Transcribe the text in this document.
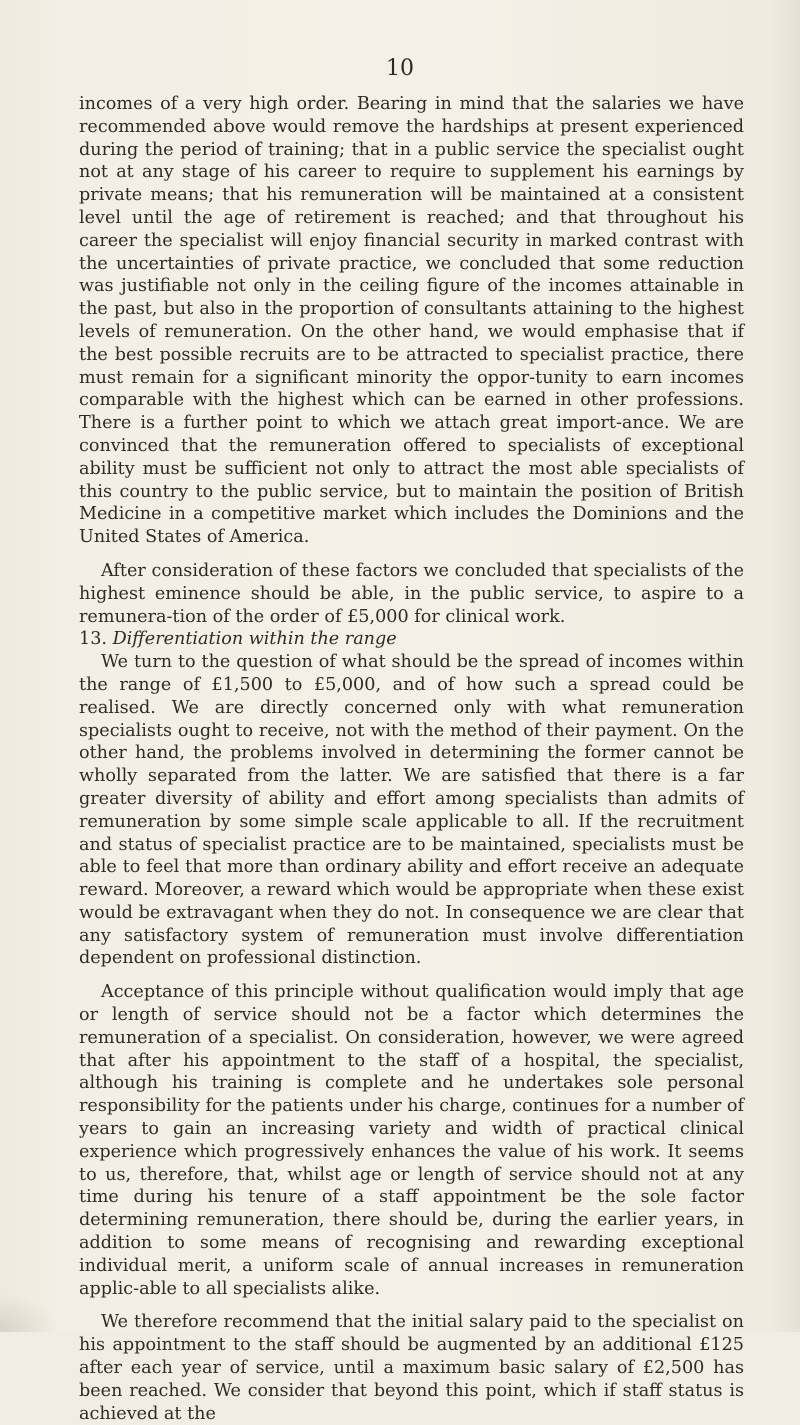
10

incomes of a very high order. Bearing in mind that the salaries we have recommended above would remove the hardships at present experienced during the period of training; that in a public service the specialist ought not at any stage of his career to require to supplement his earnings by private means; that his remuneration will be maintained at a consistent level until the age of retirement is reached; and that throughout his career the specialist will enjoy financial security in marked contrast with the uncertainties of private practice, we concluded that some reduction was justifiable not only in the ceiling figure of the incomes attainable in the past, but also in the proportion of consultants attaining to the highest levels of remuneration. On the other hand, we would emphasise that if the best possible recruits are to be attracted to specialist practice, there must remain for a significant minority the oppor-tunity to earn incomes comparable with the highest which can be earned in other professions. There is a further point to which we attach great import-ance. We are convinced that the remuneration offered to specialists of exceptional ability must be sufficient not only to attract the most able specialists of this country to the public service, but to maintain the position of British Medicine in a competitive market which includes the Dominions and the United States of America.

After consideration of these factors we concluded that specialists of the highest eminence should be able, in the public service, to aspire to a remunera-tion of the order of £5,000 for clinical work.

13. Differentiation within the range

We turn to the question of what should be the spread of incomes within the range of £1,500 to £5,000, and of how such a spread could be realised. We are directly concerned only with what remuneration specialists ought to receive, not with the method of their payment. On the other hand, the problems involved in determining the former cannot be wholly separated from the latter. We are satisfied that there is a far greater diversity of ability and effort among specialists than admits of remuneration by some simple scale applicable to all. If the recruitment and status of specialist practice are to be maintained, specialists must be able to feel that more than ordinary ability and effort receive an adequate reward. Moreover, a reward which would be appropriate when these exist would be extravagant when they do not. In consequence we are clear that any satisfactory system of remuneration must involve differentiation dependent on professional distinction.

Acceptance of this principle without qualification would imply that age or length of service should not be a factor which determines the remuneration of a specialist. On consideration, however, we were agreed that after his appointment to the staff of a hospital, the specialist, although his training is complete and he undertakes sole personal responsibility for the patients under his charge, continues for a number of years to gain an increasing variety and width of practical clinical experience which progressively enhances the value of his work. It seems to us, therefore, that, whilst age or length of service should not at any time during his tenure of a staff appointment be the sole factor determining remuneration, there should be, during the earlier years, in addition to some means of recognising and rewarding exceptional individual merit, a uniform scale of annual increases in remuneration applic-able to all specialists alike.

We therefore recommend that the initial salary paid to the specialist on his appointment to the staff should be augmented by an additional £125 after each year of service, until a maximum basic salary of £2,500 has been reached. We consider that beyond this point, which if staff status is achieved at the
